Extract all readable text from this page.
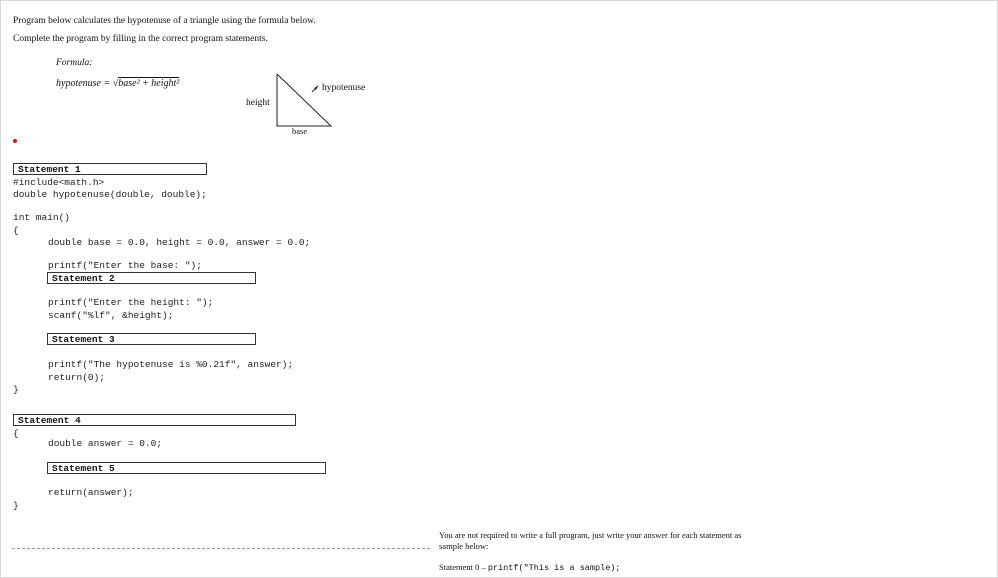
Program below calculates the hypotenuse of a triangle using the formula below.
Complete the program by filling in the correct program statements.
Formula:
hypotenuse = √base² + height²
height
base
hypotenuse
Statement 1
#include<math.h>
double hypotenuse(double, double);
int main()
{
double base = 0.0, height = 0.0, answer = 0.0;
printf("Enter the base: ");
Statement 2
printf("Enter the height: ");
scanf("%lf", &height);
Statement 3
printf("The hypotenuse is %0.21f", answer);
return(0);
}
Statement 4
{
double answer = 0.0;
Statement 5
return(answer);
}
You are not required to write a full program, just write your answer for each statement as
sample below:
Statement 0 – printf("This is a sample);
